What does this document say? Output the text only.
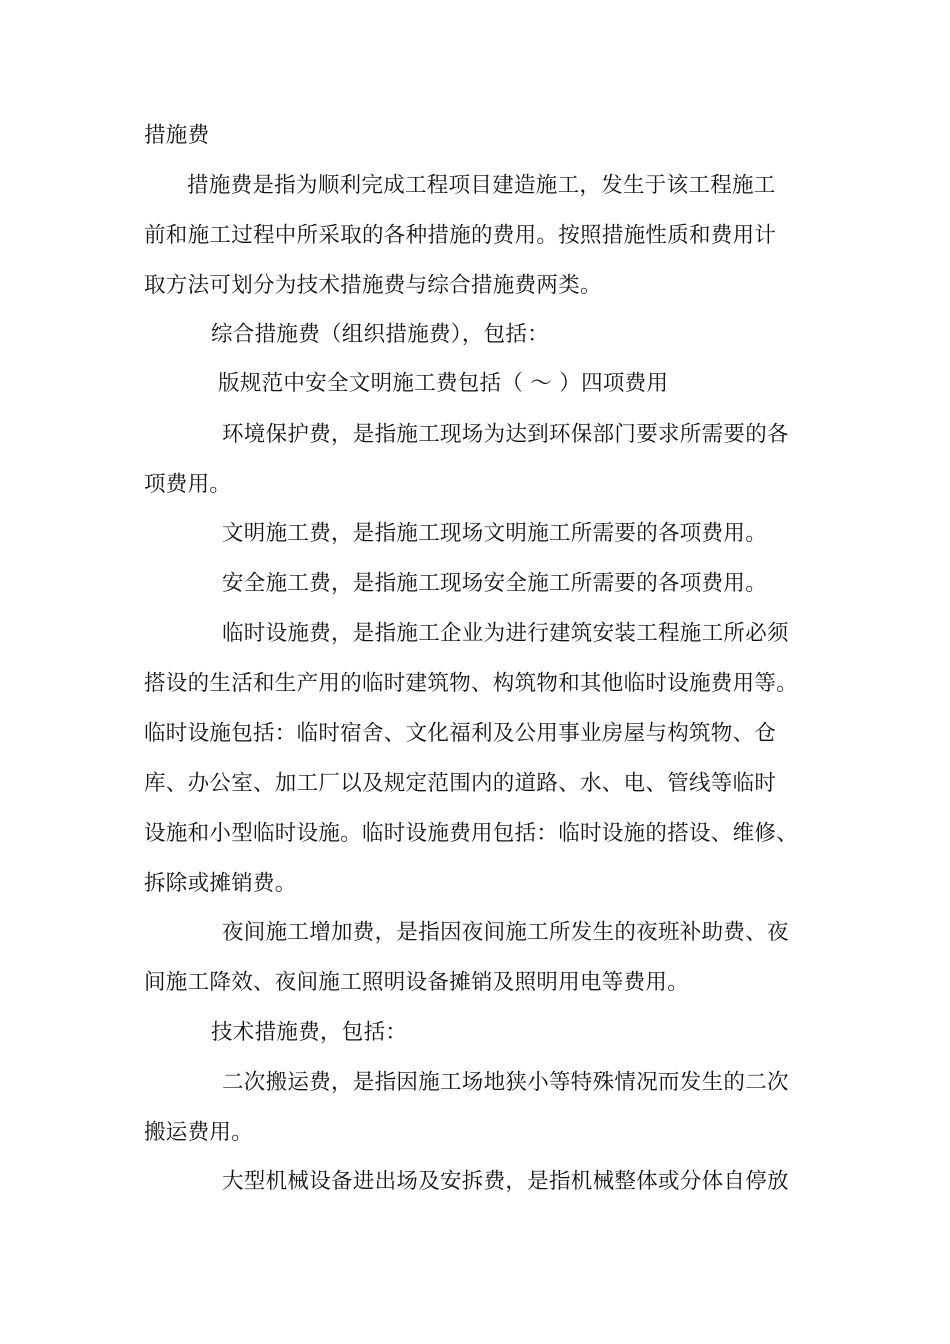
措施费
措施费是指为顺利完成工程项目建造施工，发生于该工程施工
前和施工过程中所采取的各种措施的费用。按照措施性质和费用计
取方法可划分为技术措施费与综合措施费两类。
综合措施费（组织措施费），包括：
版规范中安全文明施工费包括（ ～ ）四项费用
环境保护费，是指施工现场为达到环保部门要求所需要的各
项费用。
文明施工费，是指施工现场文明施工所需要的各项费用。
安全施工费，是指施工现场安全施工所需要的各项费用。
临时设施费，是指施工企业为进行建筑安装工程施工所必须
搭设的生活和生产用的临时建筑物、构筑物和其他临时设施费用等。
临时设施包括：临时宿舍、文化福利及公用事业房屋与构筑物、仓
库、办公室、加工厂以及规定范围内的道路、水、电、管线等临时
设施和小型临时设施。临时设施费用包括：临时设施的搭设、维修、
拆除或摊销费。
夜间施工增加费，是指因夜间施工所发生的夜班补助费、夜
间施工降效、夜间施工照明设备摊销及照明用电等费用。
技术措施费，包括：
二次搬运费，是指因施工场地狭小等特殊情况而发生的二次
搬运费用。
大型机械设备进出场及安拆费，是指机械整体或分体自停放
